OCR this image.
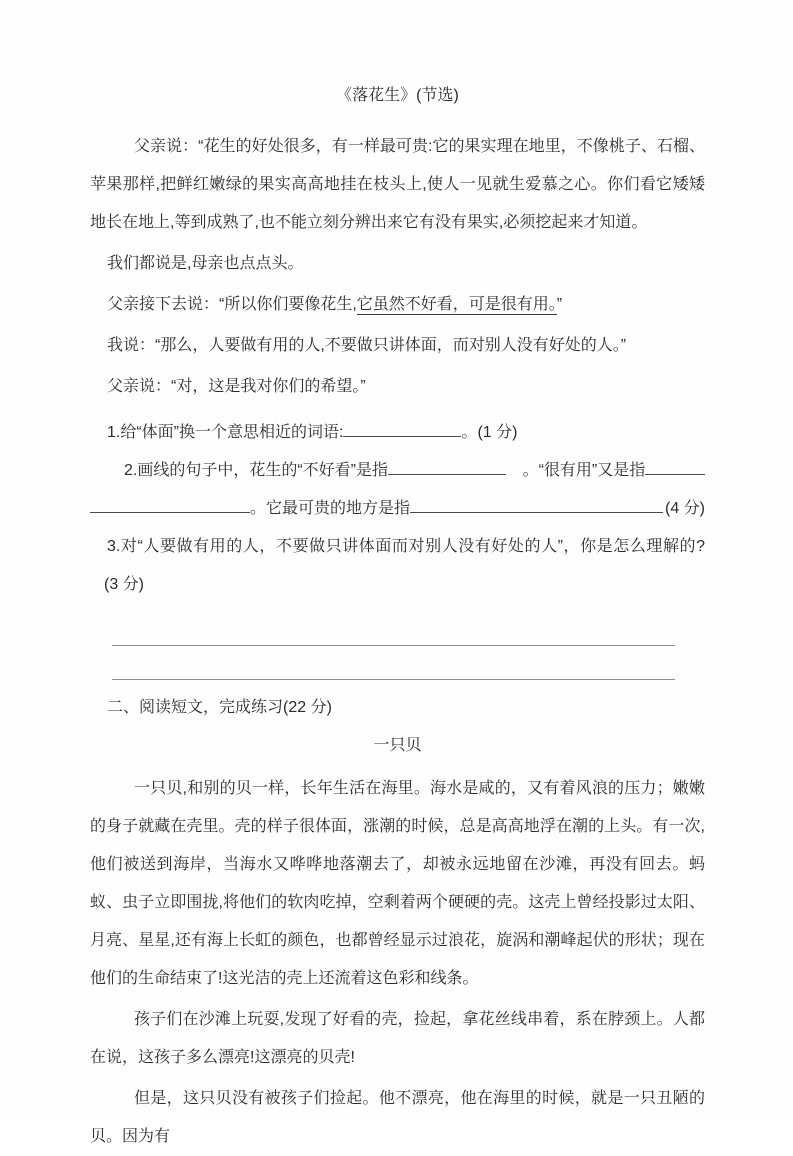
《落花生》(节选)

父亲说：“花生的好处很多，有一样最可贵:它的果实理在地里，不像桃子、石榴、苹果那样,把鲜红嫩绿的果实高高地挂在枝头上,使人一见就生爱慕之心。你们看它矮矮地长在地上,等到成熟了,也不能立刻分辨出来它有没有果实,必须挖起来才知道。

我们都说是,母亲也点点头。

父亲接下去说：“所以你们要像花生,它虽然不好看，可是很有用。”

我说：“那么，人要做有用的人,不要做只讲体面，而对别人没有好处的人。”

父亲说：“对，这是我对你们的希望。”

1.给“体面”换一个意思相近的词语:	。(1 分)

2.画线的句子中，花生的“不好看”是指	。“很有用”又是指
。它最可贵的地方是指	(4 分)

3.对“人要做有用的人，不要做只讲体面而对别人没有好处的人”，你是怎么理解的?(3 分)

二、阅读短文，完成练习(22 分)

一只贝

一只贝,和别的贝一样，长年生活在海里。海水是咸的，又有着风浪的压力；嫩嫩的身子就藏在壳里。壳的样子很体面，涨潮的时候，总是高高地浮在潮的上头。有一次,他们被送到海岸，当海水又哗哗地落潮去了，却被永远地留在沙滩，再没有回去。蚂蚁、虫子立即围拢,将他们的软肉吃掉，空剩着两个硬硬的壳。这壳上曾经投影过太阳、月亮、星星,还有海上长虹的颜色，也都曾经显示过浪花，旋涡和潮峰起伏的形状；现在他们的生命结束了!这光洁的壳上还流着这色彩和线条。

孩子们在沙滩上玩耍,发现了好看的壳，捡起，拿花丝线串着，系在脖颈上。人都在说，这孩子多么漂亮!这漂亮的贝壳!

但是，这只贝没有被孩子们捡起。他不漂亮，他在海里的时候，就是一只丑陋的贝。因为有
